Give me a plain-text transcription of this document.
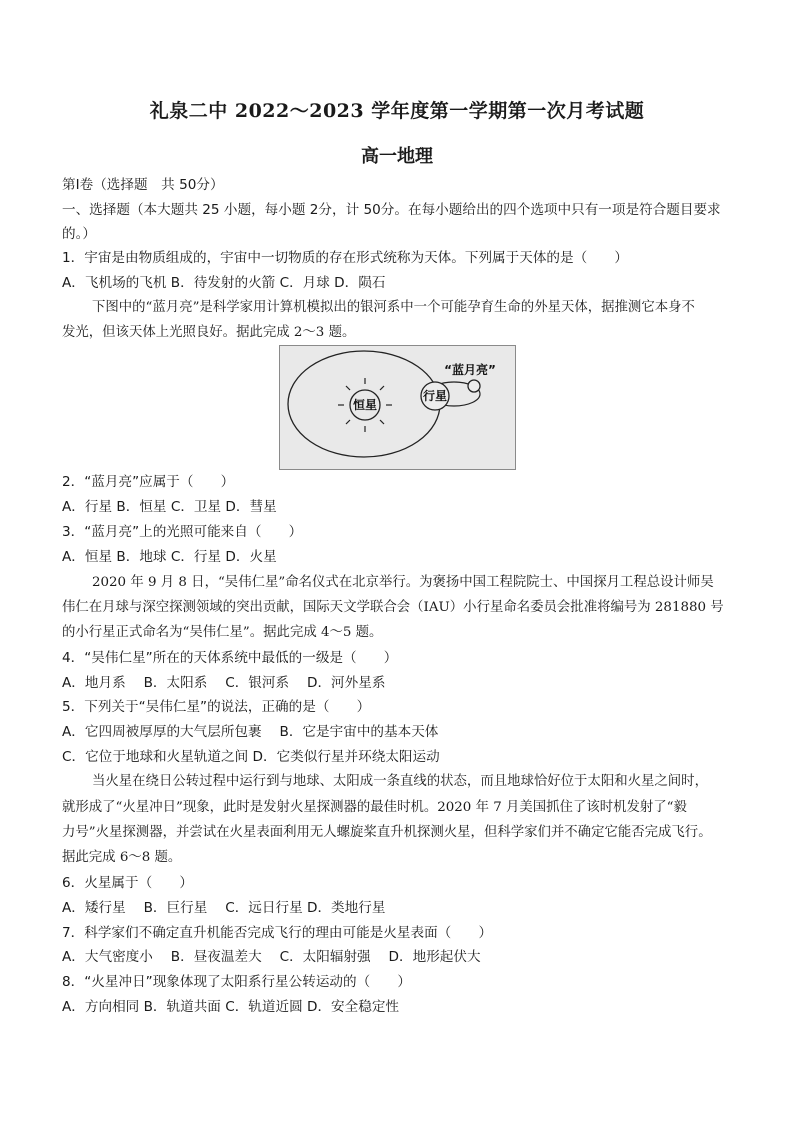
礼泉二中 2022～2023 学年度第一学期第一次月考试题
高一地理
第Ⅰ卷（选择题　共 50分）
一、选择题（本大题共 25 小题，每小题 2分，计 50分。在每小题给出的四个选项中只有一项是符合题目要求
的。）
1．宇宙是由物质组成的，宇宙中一切物质的存在形式统称为天体。下列属于天体的是（　　）
A．飞机场的飞机 B．待发射的火箭 C．月球 D．陨石
下图中的“蓝月亮”是科学家用计算机模拟出的银河系中一个可能孕育生命的外星天体，据推测它本身不
发光，但该天体上光照良好。据此完成 2～3 题。
恒星
行星
“蓝月亮”
2．“蓝月亮”应属于（　　）
A．行星 B．恒星 C．卫星 D．彗星
3．“蓝月亮”上的光照可能来自（　　）
A．恒星 B．地球 C．行星 D．火星
2020 年 9 月 8 日，“吴伟仁星”命名仪式在北京举行。为褒扬中国工程院院士、中国探月工程总设计师吴
伟仁在月球与深空探测领域的突出贡献，国际天文学联合会（IAU）小行星命名委员会批准将编号为 281880 号
的小行星正式命名为“吴伟仁星”。据此完成 4～5 题。
4．“吴伟仁星”所在的天体系统中最低的一级是（　　）
A．地月系　 B．太阳系　 C．银河系　 D．河外星系
5．下列关于“吴伟仁星”的说法，正确的是（　　）
A．它四周被厚厚的大气层所包裹　 B．它是宇宙中的基本天体
C．它位于地球和火星轨道之间 D．它类似行星并环绕太阳运动
当火星在绕日公转过程中运行到与地球、太阳成一条直线的状态，而且地球恰好位于太阳和火星之间时，
就形成了“火星冲日”现象，此时是发射火星探测器的最佳时机。2020 年 7 月美国抓住了该时机发射了“毅
力号”火星探测器，并尝试在火星表面利用无人螺旋桨直升机探测火星，但科学家们并不确定它能否完成飞行。
据此完成 6～8 题。
6．火星属于（　　）
A．矮行星　 B．巨行星　 C．远日行星 D．类地行星
7．科学家们不确定直升机能否完成飞行的理由可能是火星表面（　　）
A．大气密度小　 B．昼夜温差大　 C．太阳辐射强　 D．地形起伏大
8．“火星冲日”现象体现了太阳系行星公转运动的（　　）
A．方向相同 B．轨道共面 C．轨道近圆 D．安全稳定性
